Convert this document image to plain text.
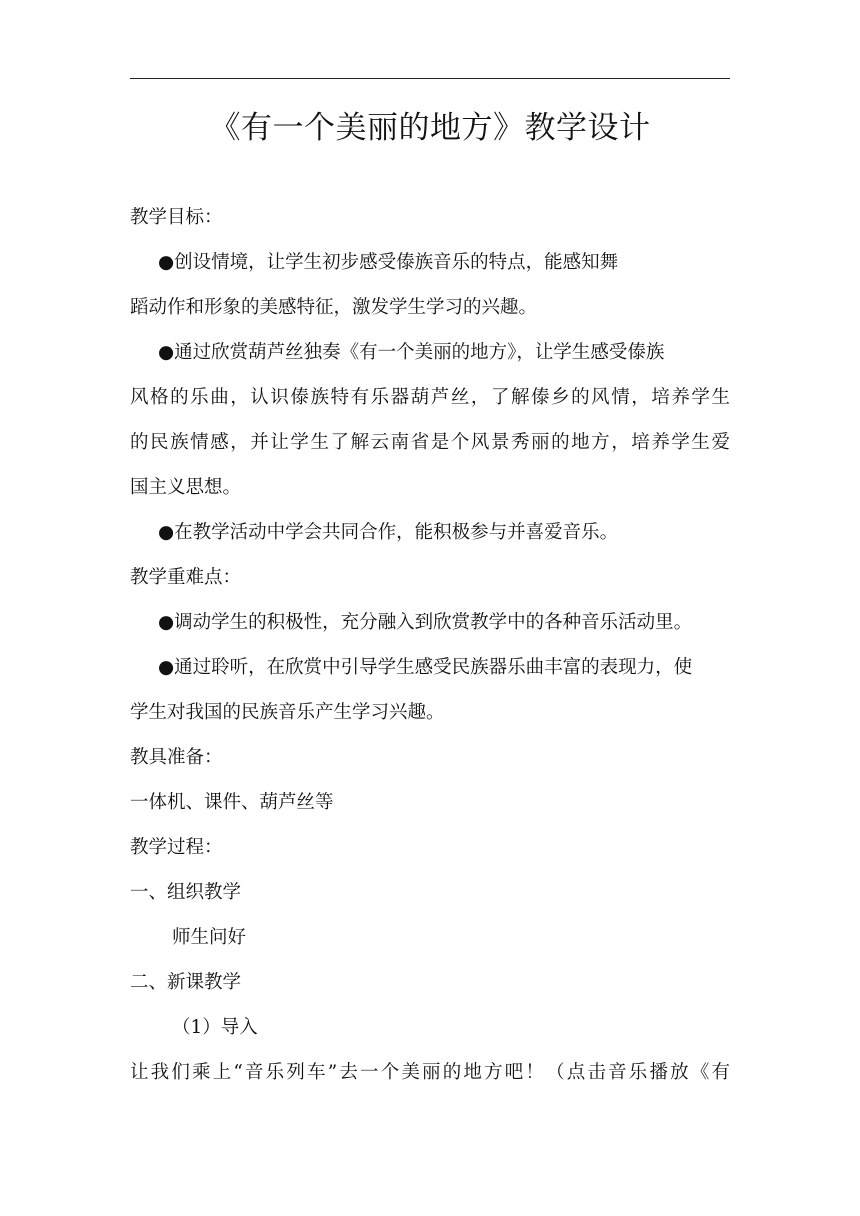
《有一个美丽的地方》教学设计

教学目标：

●创设情境，让学生初步感受傣族音乐的特点，能感知舞

蹈动作和形象的美感特征，激发学生学习的兴趣。

●通过欣赏葫芦丝独奏《有一个美丽的地方》，让学生感受傣族

风格的乐曲，认识傣族特有乐器葫芦丝，了解傣乡的风情，培养学生

的民族情感，并让学生了解云南省是个风景秀丽的地方，培养学生爱

国主义思想。

●在教学活动中学会共同合作，能积极参与并喜爱音乐。

教学重难点：

●调动学生的积极性，充分融入到欣赏教学中的各种音乐活动里。

●通过聆听，在欣赏中引导学生感受民族器乐曲丰富的表现力，使

学生对我国的民族音乐产生学习兴趣。

教具准备：

一体机、课件、葫芦丝等

教学过程：

一、组织教学

师生问好

二、新课教学

（1）导入

让我们乘上“音乐列车”去一个美丽的地方吧！（点击音乐播放《有
